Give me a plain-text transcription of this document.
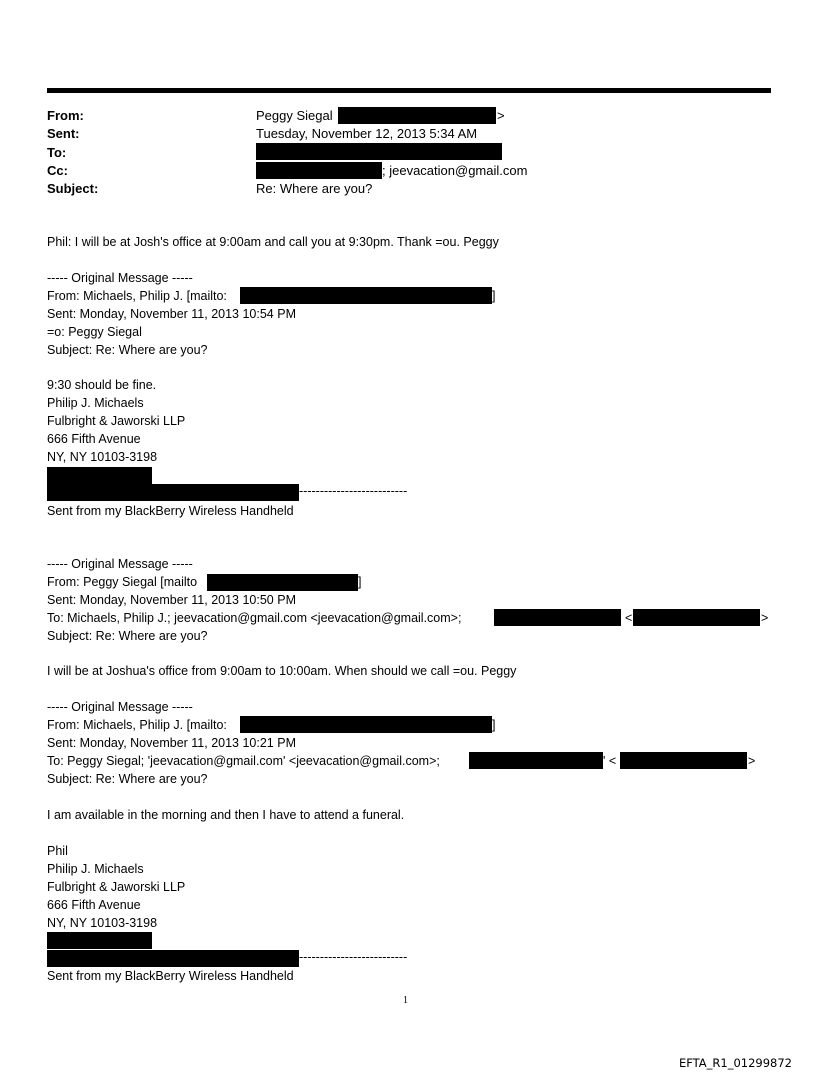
From:	Peggy Siegal	>
Sent:	Tuesday, November 12, 2013 5:34 AM
To:
Cc:	; jeevacation@gmail.com
Subject:	Re: Where are you?
Phil: I will be at Josh's office at 9:00am and call you at 9:30pm. Thank =ou. Peggy
----- Original Message -----
From: Michaels, Philip J. [mailto:	]
Sent: Monday, November 11, 2013 10:54 PM
=o: Peggy Siegal
Subject: Re: Where are you?
9:30 should be fine.
Philip J. Michaels
Fulbright & Jaworski LLP
666 Fifth Avenue
NY, NY 10103-3198
--------------------------
Sent from my BlackBerry Wireless Handheld
----- Original Message -----
From: Peggy Siegal [mailto	]
Sent: Monday, November 11, 2013 10:50 PM
To: Michaels, Philip J.; jeevacation@gmail.com <jeevacation@gmail.com>;	<	>
Subject: Re: Where are you?
I will be at Joshua's office from 9:00am to 10:00am. When should we call =ou. Peggy
----- Original Message -----
From: Michaels, Philip J. [mailto:	]
Sent: Monday, November 11, 2013 10:21 PM
To: Peggy Siegal; 'jeevacation@gmail.com' <jeevacation@gmail.com>;	' <	>
Subject: Re: Where are you?
I am available in the morning and then I have to attend a funeral.
Phil
Philip J. Michaels
Fulbright & Jaworski LLP
666 Fifth Avenue
NY, NY 10103-3198
--------------------------
Sent from my BlackBerry Wireless Handheld
1
EFTA_R1_01299872
